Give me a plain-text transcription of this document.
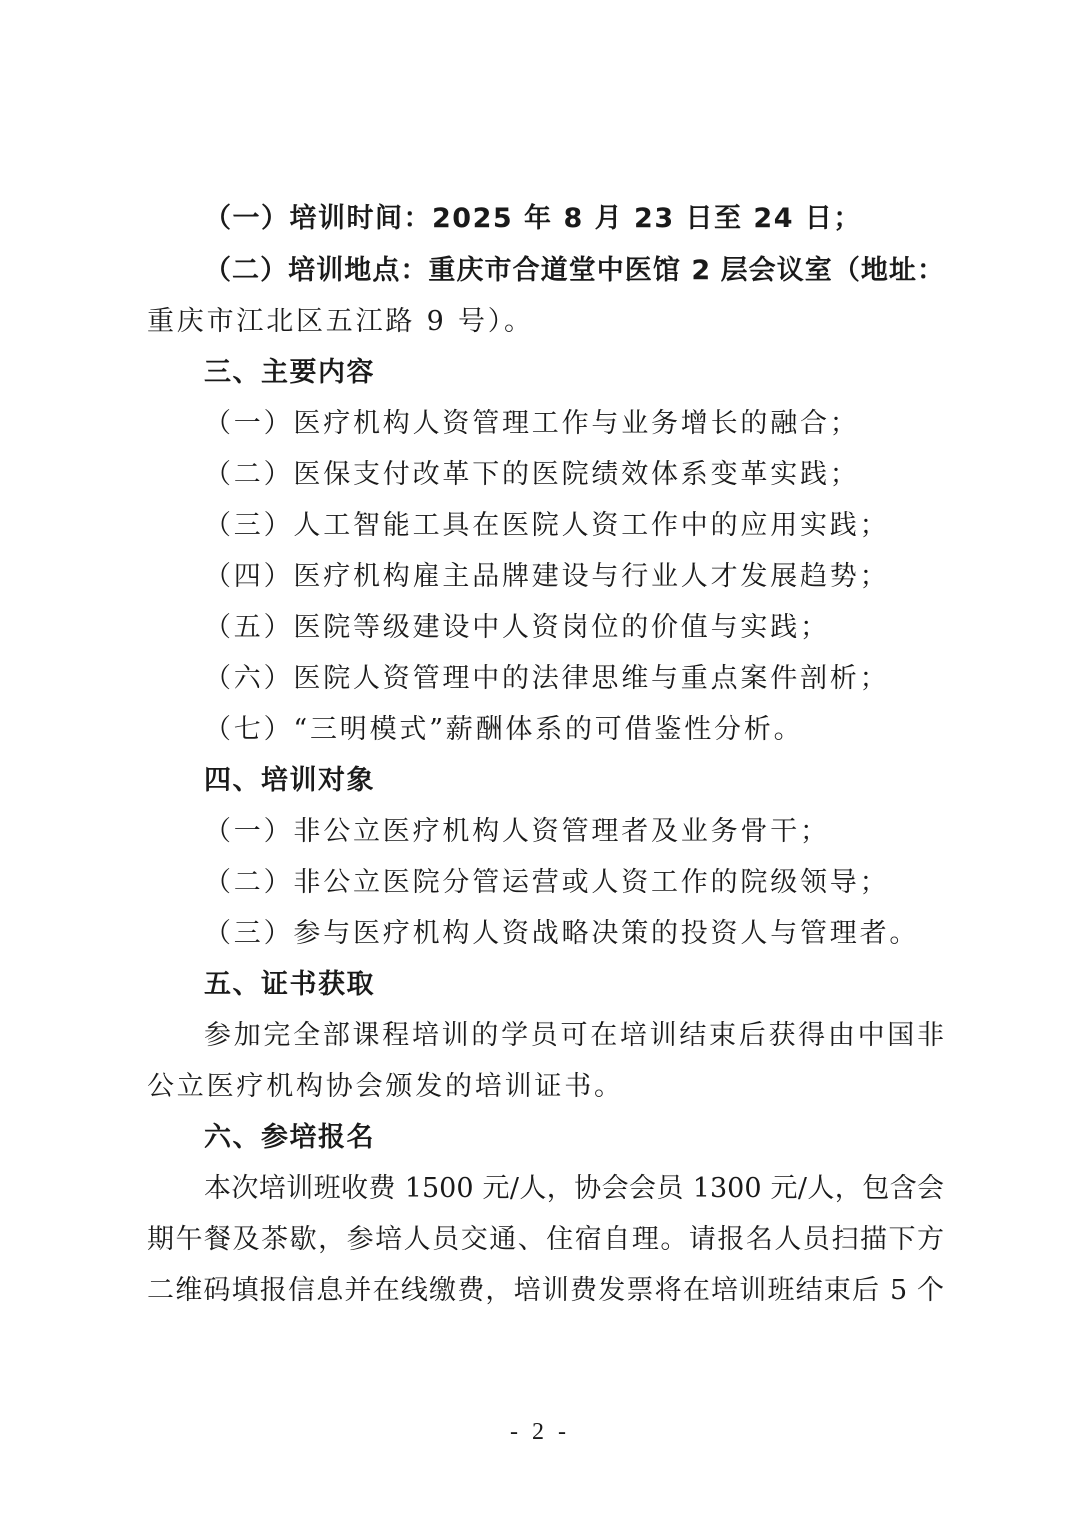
（一）培训时间：2025 年 8 月 23 日至 24 日；
（二）培训地点：重庆市合道堂中医馆 2 层会议室（地址：
重庆市江北区五江路 9 号）。
三、主要内容
（一）医疗机构人资管理工作与业务增长的融合；
（二）医保支付改革下的医院绩效体系变革实践；
（三）人工智能工具在医院人资工作中的应用实践；
（四）医疗机构雇主品牌建设与行业人才发展趋势；
（五）医院等级建设中人资岗位的价值与实践；
（六）医院人资管理中的法律思维与重点案件剖析；
（七）“三明模式”薪酬体系的可借鉴性分析。
四、培训对象
（一）非公立医疗机构人资管理者及业务骨干；
（二）非公立医院分管运营或人资工作的院级领导；
（三）参与医疗机构人资战略决策的投资人与管理者。
五、证书获取
参加完全部课程培训的学员可在培训结束后获得由中国非
公立医疗机构协会颁发的培训证书。
六、参培报名
本次培训班收费 1500 元/人，协会会员 1300 元/人，包含会
期午餐及茶歇，参培人员交通、住宿自理。请报名人员扫描下方
二维码填报信息并在线缴费，培训费发票将在培训班结束后 5 个
- 2 -
